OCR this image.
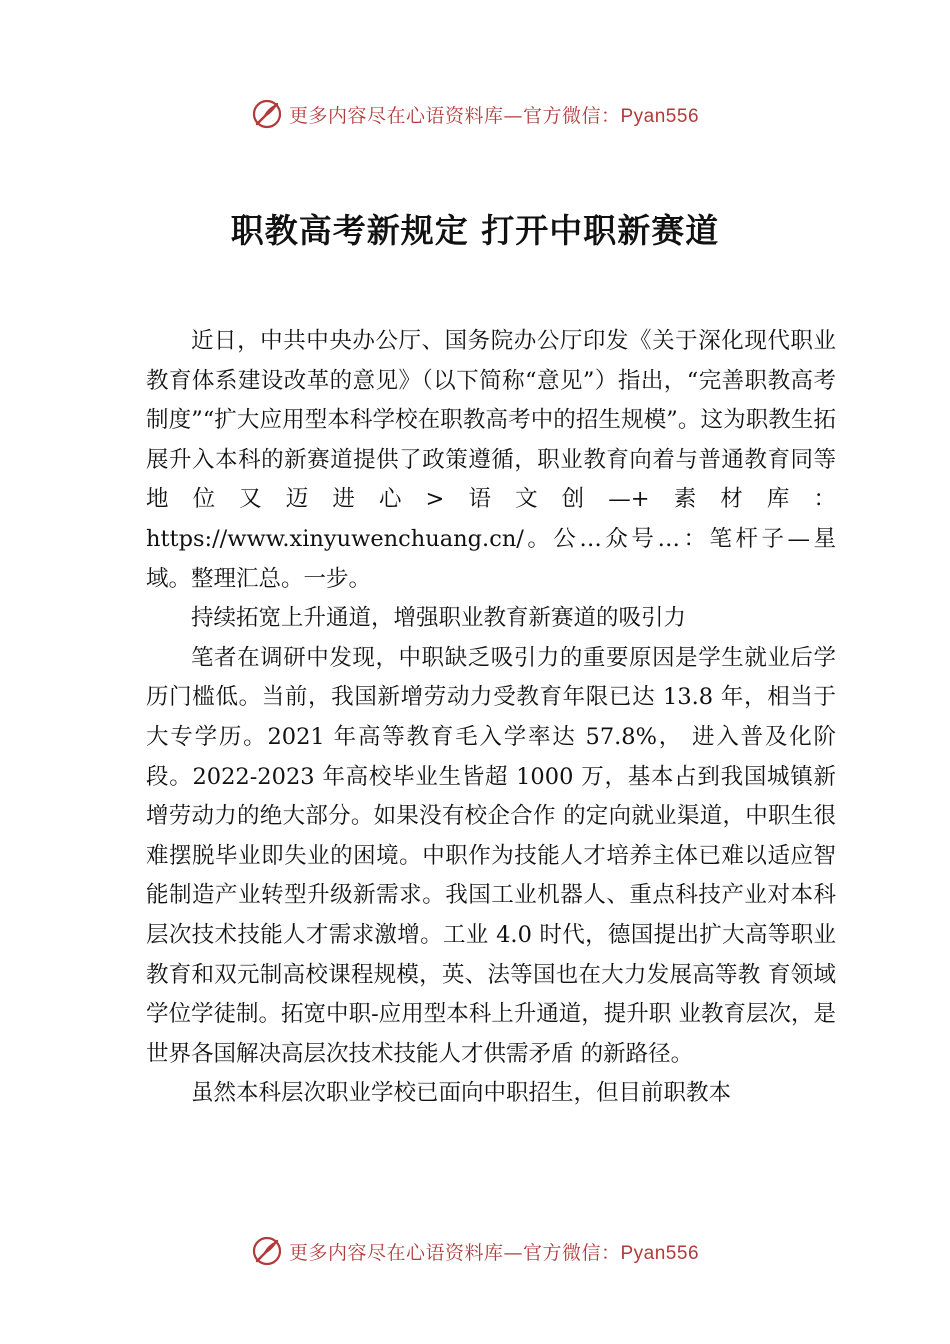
更多内容尽在心语资料库—官方微信：Pyan556
职教高考新规定 打开中职新赛道

近日，中共中央办公厅、国务院办公厅印发《关于深化现代职业教育体系建设改革的意见》（以下简称“意见”）指出，“完善职教高考制度”“扩大应用型本科学校在职教高考中的招生规模”。这为职教生拓展升入本科的新赛道提供了政策遵循，职业教育向着与普通教育同等地位又迈进心>语文创—+素材库：https://www.xinyuwenchuang.cn/。公…众号…：笔杆子—星域。整理汇总。一步。

持续拓宽上升通道，增强职业教育新赛道的吸引力

笔者在调研中发现，中职缺乏吸引力的重要原因是学生就业后学历门槛低。当前，我国新增劳动力受教育年限已达 13.8 年，相当于大专学历。2021 年高等教育毛入学率达 57.8%， 进入普及化阶段。2022-2023 年高校毕业生皆超 1000 万，基本占到我国城镇新增劳动力的绝大部分。如果没有校企合作 的定向就业渠道，中职生很难摆脱毕业即失业的困境。中职作为技能人才培养主体已难以适应智能制造产业转型升级新需求。我国工业机器人、重点科技产业对本科层次技术技能人才需求激增。工业 4.0 时代，德国提出扩大高等职业教育和双元制高校课程规模，英、法等国也在大力发展高等教 育领域学位学徒制。拓宽中职-应用型本科上升通道，提升职 业教育层次，是世界各国解决高层次技术技能人才供需矛盾 的新路径。

虽然本科层次职业学校已面向中职招生，但目前职教本

更多内容尽在心语资料库—官方微信：Pyan556
